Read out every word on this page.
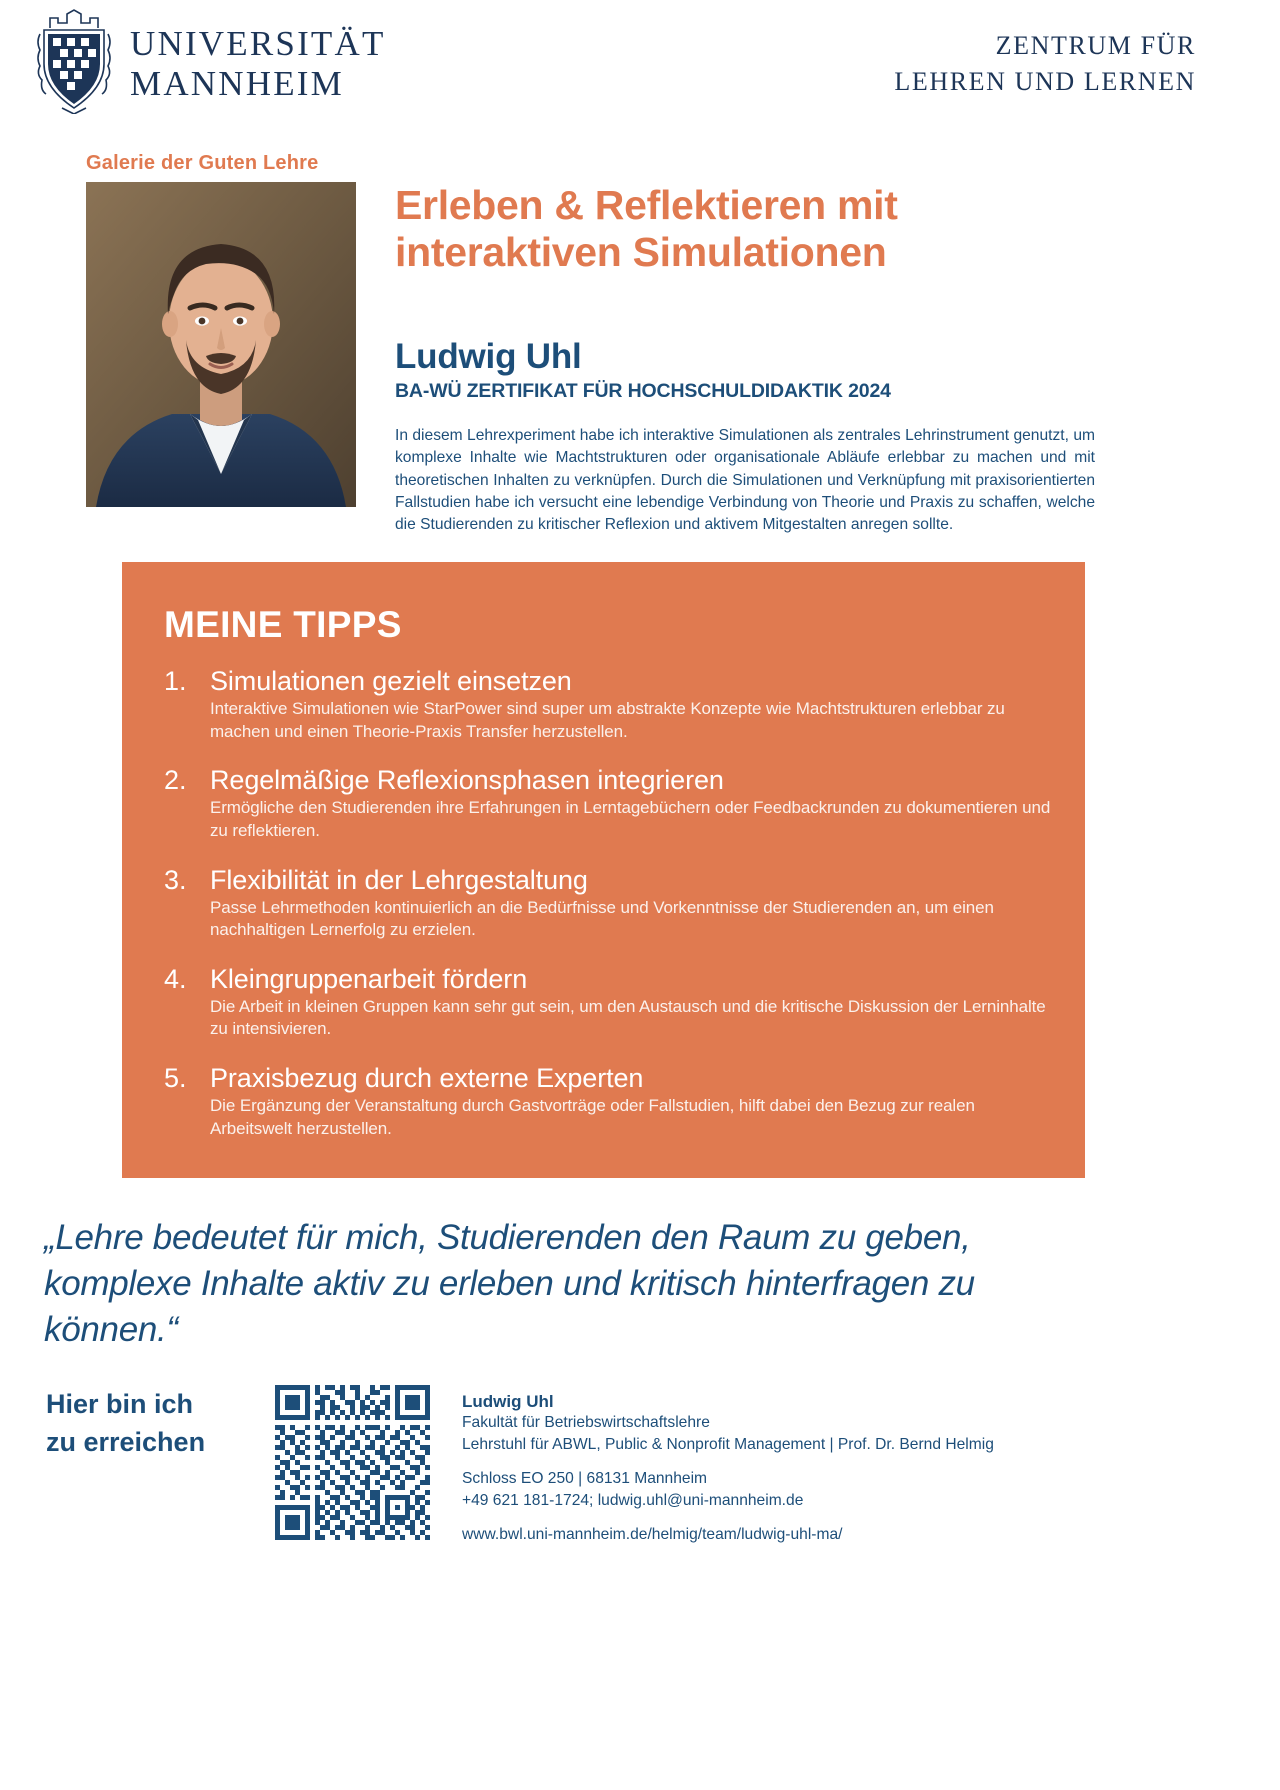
UNIVERSITÄT
MANNHEIM
ZENTRUM FÜR
LEHREN UND LERNEN
Galerie der Guten Lehre
Erleben & Reflektieren mit
interaktiven Simulationen
Ludwig Uhl
BA-WÜ ZERTIFIKAT FÜR HOCHSCHULDIDAKTIK 2024
In diesem Lehrexperiment habe ich interaktive Simulationen als zentrales Lehrinstrument genutzt, um komplexe Inhalte wie Machtstrukturen oder organisationale Abläufe erlebbar zu machen und mit theoretischen Inhalten zu verknüpfen. Durch die Simulationen und Verknüpfung mit praxisorientierten Fallstudien habe ich versucht eine lebendige Verbindung von Theorie und Praxis zu schaffen, welche die Studierenden zu kritischer Reflexion und aktivem Mitgestalten anregen sollte.
MEINE TIPPS
1. Simulationen gezielt einsetzen
Interaktive Simulationen wie StarPower sind super um abstrakte Konzepte wie Machtstrukturen erlebbar zu machen und einen Theorie-Praxis Transfer herzustellen.
2. Regelmäßige Reflexionsphasen integrieren
Ermögliche den Studierenden ihre Erfahrungen in Lerntagebüchern oder Feedbackrunden zu dokumentieren und zu reflektieren.
3. Flexibilität in der Lehrgestaltung
Passe Lehrmethoden kontinuierlich an die Bedürfnisse und Vorkenntnisse der Studierenden an, um einen nachhaltigen Lernerfolg zu erzielen.
4. Kleingruppenarbeit fördern
Die Arbeit in kleinen Gruppen kann sehr gut sein, um den Austausch und die kritische Diskussion der Lerninhalte zu intensivieren.
5. Praxisbezug durch externe Experten
Die Ergänzung der Veranstaltung durch Gastvorträge oder Fallstudien, hilft dabei den Bezug zur realen Arbeitswelt herzustellen.
„Lehre bedeutet für mich, Studierenden den Raum zu geben, komplexe Inhalte aktiv zu erleben und kritisch hinterfragen zu können.“
Hier bin ich
zu erreichen
Ludwig Uhl
Fakultät für Betriebswirtschaftslehre
Lehrstuhl für ABWL, Public & Nonprofit Management | Prof. Dr. Bernd Helmig
Schloss EO 250 | 68131 Mannheim
+49 621 181-1724; ludwig.uhl@uni-mannheim.de
www.bwl.uni-mannheim.de/helmig/team/ludwig-uhl-ma/
